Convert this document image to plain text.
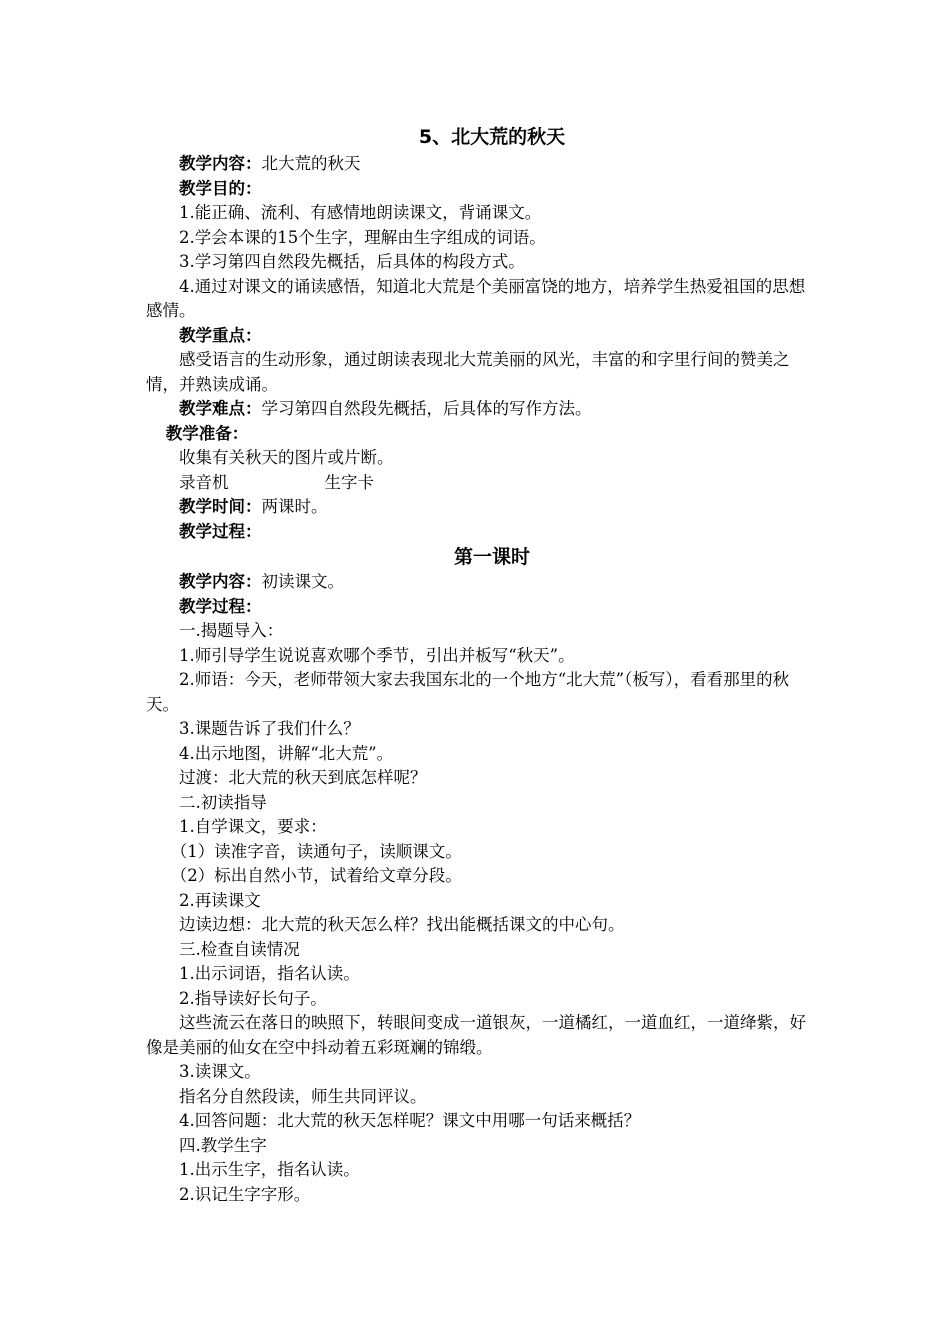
5、北大荒的秋天

教学内容：北大荒的秋天

教学目的：

1.能正确、流利、有感情地朗读课文，背诵课文。

2.学会本课的15个生字，理解由生字组成的词语。

3.学习第四自然段先概括，后具体的构段方式。

4.通过对课文的诵读感悟，知道北大荒是个美丽富饶的地方，培养学生热爱祖国的思想感情。

教学重点：

感受语言的生动形象，通过朗读表现北大荒美丽的风光，丰富的和字里行间的赞美之情，并熟读成诵。

教学难点：学习第四自然段先概括，后具体的写作方法。

教学准备：

收集有关秋天的图片或片断。

录音机	生字卡

教学时间：两课时。

教学过程：

第一课时

教学内容：初读课文。

教学过程：

一.揭题导入：

1.师引导学生说说喜欢哪个季节，引出并板写“秋天”。

2.师语：今天，老师带领大家去我国东北的一个地方“北大荒”（板写），看看那里的秋天。

3.课题告诉了我们什么？

4.出示地图，讲解“北大荒”。

过渡：北大荒的秋天到底怎样呢？

二.初读指导

1.自学课文，要求：

（1）读准字音，读通句子，读顺课文。

（2）标出自然小节，试着给文章分段。

2.再读课文

边读边想：北大荒的秋天怎么样？找出能概括课文的中心句。

三.检查自读情况

1.出示词语，指名认读。

2.指导读好长句子。

这些流云在落日的映照下，转眼间变成一道银灰，一道橘红，一道血红，一道绛紫，好像是美丽的仙女在空中抖动着五彩斑斓的锦缎。

3.读课文。

指名分自然段读，师生共同评议。

4.回答问题：北大荒的秋天怎样呢？课文中用哪一句话来概括？

四.教学生字

1.出示生字，指名认读。

2.识记生字字形。
